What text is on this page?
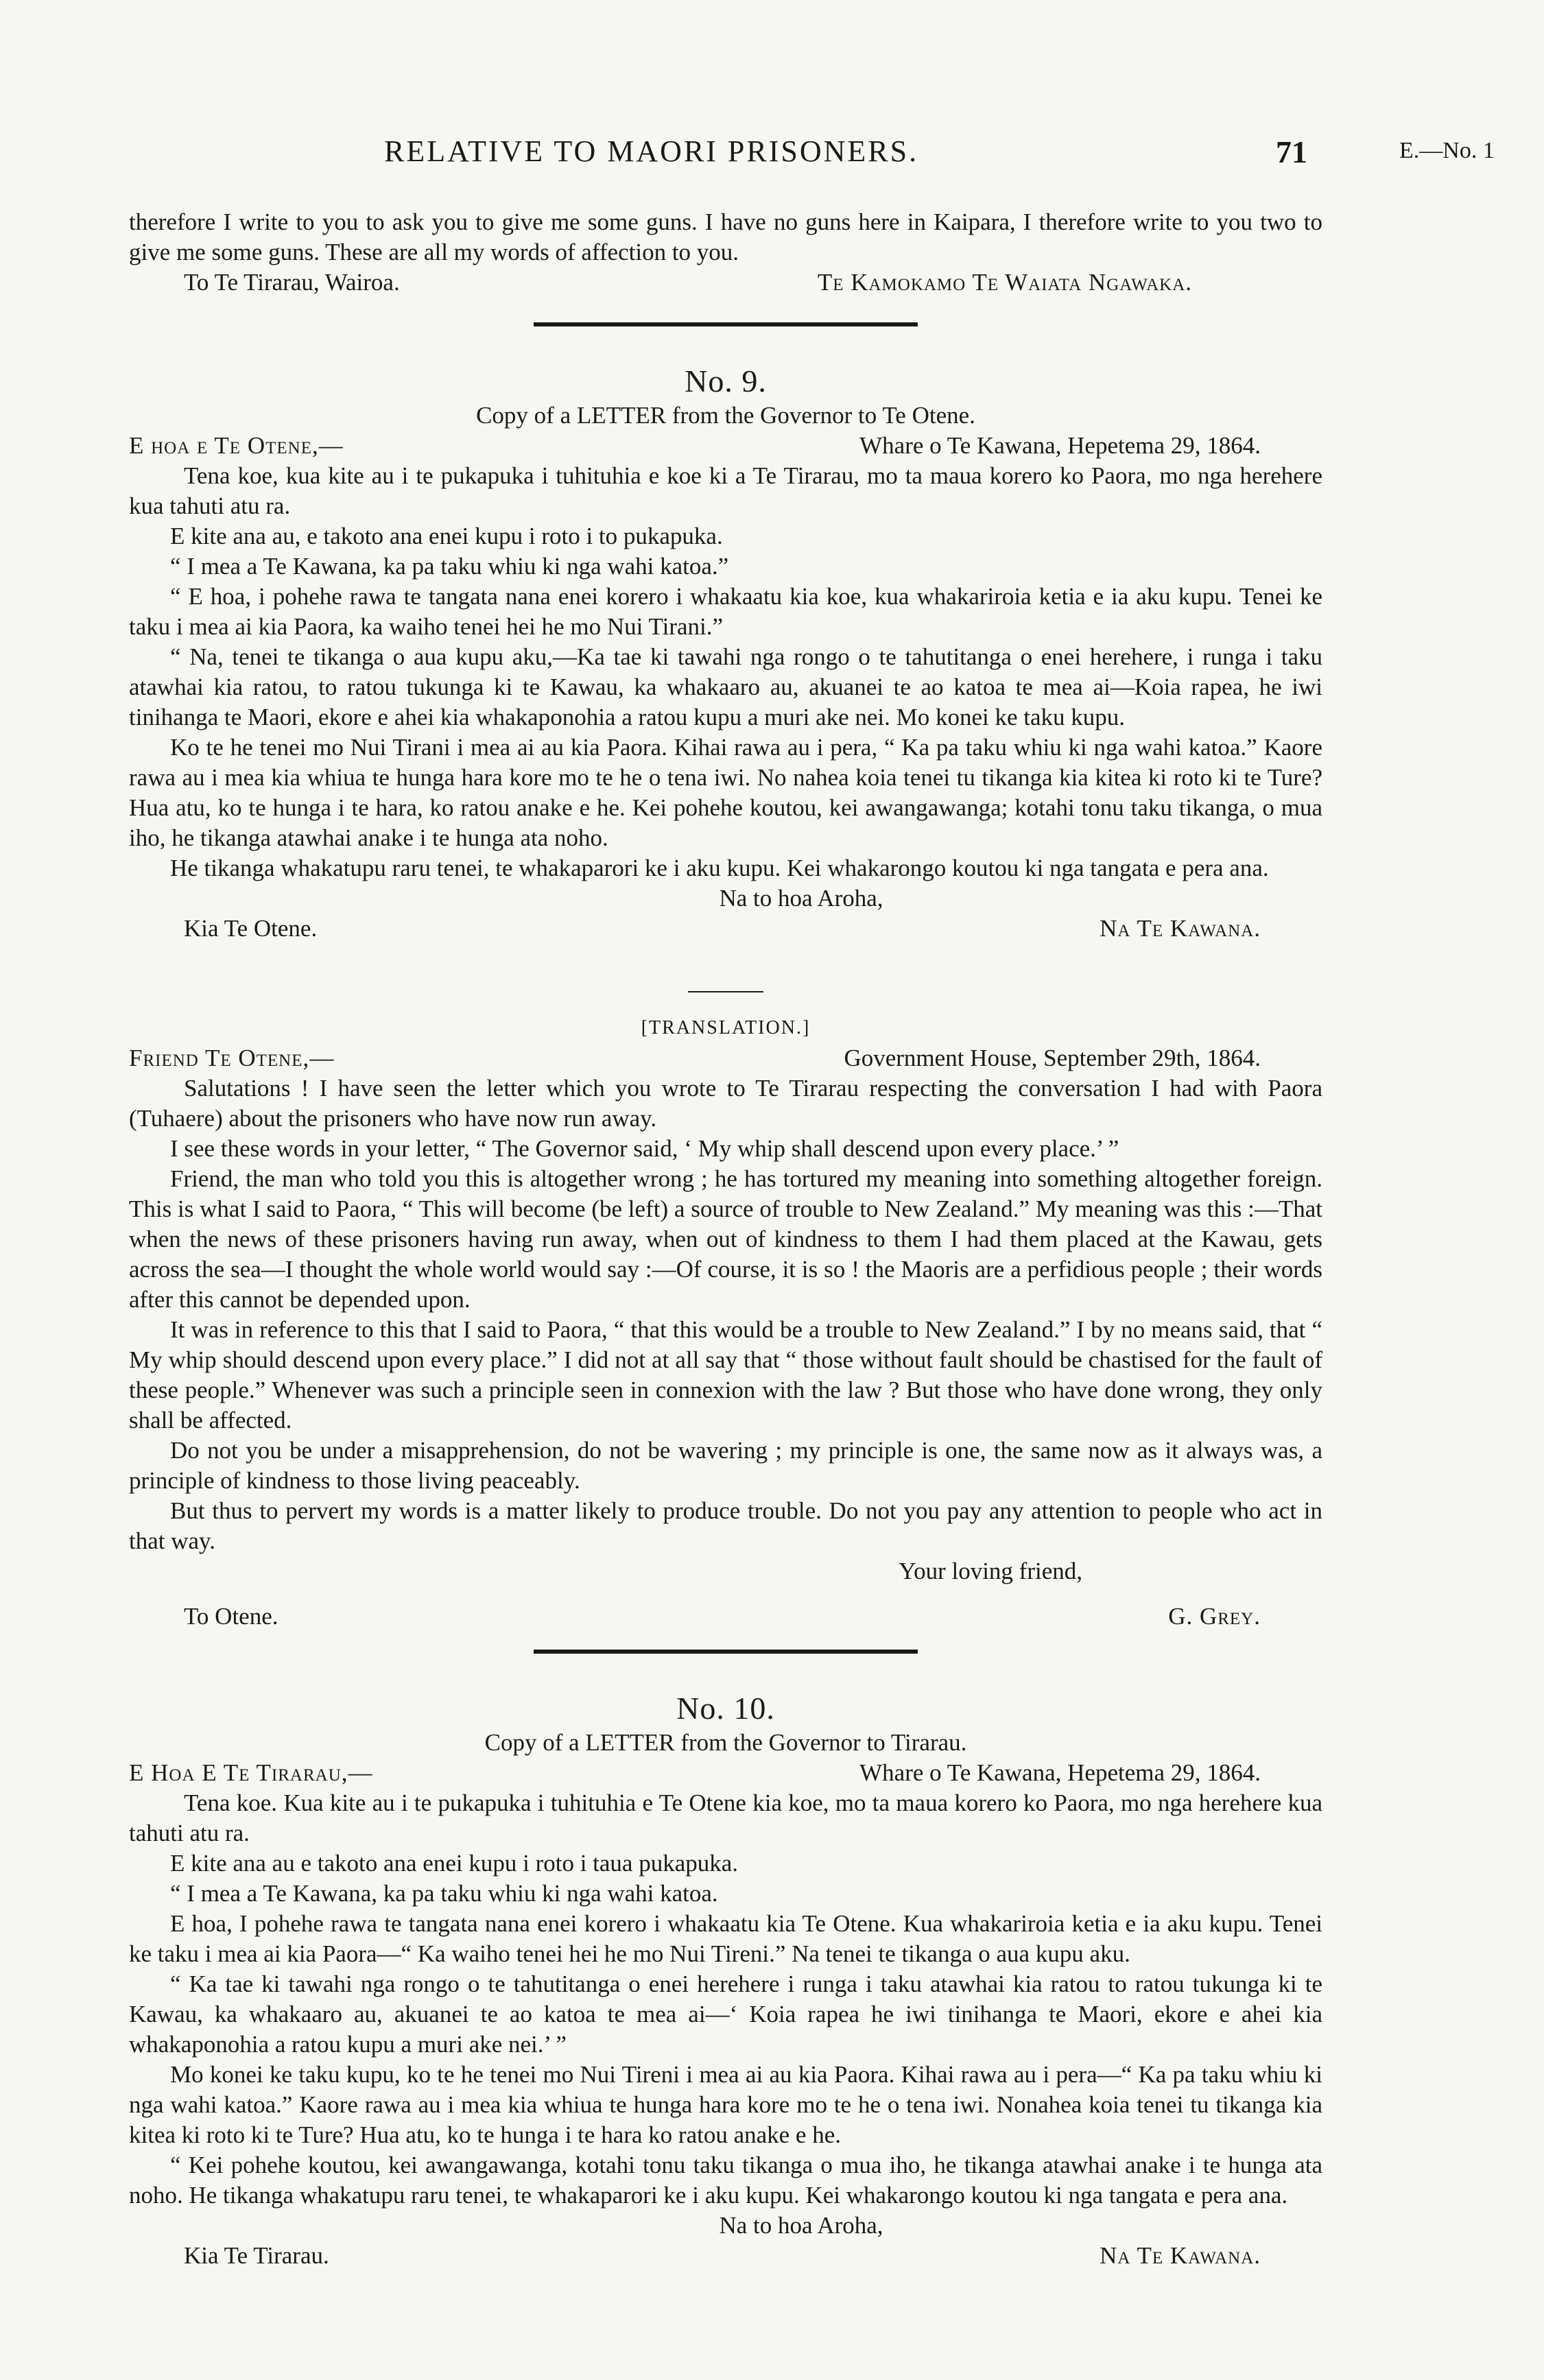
RELATIVE TO MAORI PRISONERS.	71	E.—No. 1

therefore I write to you to ask you to give me some guns. I have no guns here in Kaipara, I therefore write to you two to give me some guns. These are all my words of affection to you.

To Te Tirarau, Wairoa.	Te Kamokamo Te Waiata Ngawaka.
No. 9.
Copy of a LETTER from the Governor to Te Otene.
E hoa e Te Otene,—	Whare o Te Kawana, Hepetema 29, 1864.

Tena koe, kua kite au i te pukapuka i tuhituhia e koe ki a Te Tirarau, mo ta maua korero ko Paora, mo nga herehere kua tahuti atu ra.

E kite ana au, e takoto ana enei kupu i roto i to pukapuka.

“ I mea a Te Kawana, ka pa taku whiu ki nga wahi katoa.”

“ E hoa, i pohehe rawa te tangata nana enei korero i whakaatu kia koe, kua whakariroia ketia e ia aku kupu. Tenei ke taku i mea ai kia Paora, ka waiho tenei hei he mo Nui Tirani.”

“ Na, tenei te tikanga o aua kupu aku,—Ka tae ki tawahi nga rongo o te tahutitanga o enei herehere, i runga i taku atawhai kia ratou, to ratou tukunga ki te Kawau, ka whakaaro au, akuanei te ao katoa te mea ai—Koia rapea, he iwi tinihanga te Maori, ekore e ahei kia whakaponohia a ratou kupu a muri ake nei. Mo konei ke taku kupu.

Ko te he tenei mo Nui Tirani i mea ai au kia Paora. Kihai rawa au i pera, “ Ka pa taku whiu ki nga wahi katoa.” Kaore rawa au i mea kia whiua te hunga hara kore mo te he o tena iwi. No nahea koia tenei tu tikanga kia kitea ki roto ki te Ture? Hua atu, ko te hunga i te hara, ko ratou anake e he. Kei pohehe koutou, kei awangawanga; kotahi tonu taku tikanga, o mua iho, he tikanga atawhai anake i te hunga ata noho.

He tikanga whakatupu raru tenei, te whakaparori ke i aku kupu. Kei whakarongo koutou ki nga tangata e pera ana.

Na to hoa Aroha,
Kia Te Otene.	Na Te Kawana.
[TRANSLATION.]
Friend Te Otene,—	Government House, September 29th, 1864.

Salutations ! I have seen the letter which you wrote to Te Tirarau respecting the conversation I had with Paora (Tuhaere) about the prisoners who have now run away.

I see these words in your letter, “ The Governor said, ‘ My whip shall descend upon every place.’ ”

Friend, the man who told you this is altogether wrong ; he has tortured my meaning into something altogether foreign. This is what I said to Paora, “ This will become (be left) a source of trouble to New Zealand.” My meaning was this :—That when the news of these prisoners having run away, when out of kindness to them I had them placed at the Kawau, gets across the sea—I thought the whole world would say :—Of course, it is so ! the Maoris are a perfidious people ; their words after this cannot be depended upon.

It was in reference to this that I said to Paora, “ that this would be a trouble to New Zealand.” I by no means said, that “ My whip should descend upon every place.” I did not at all say that “ those without fault should be chastised for the fault of these people.” Whenever was such a principle seen in connexion with the law ? But those who have done wrong, they only shall be affected.

Do not you be under a misapprehension, do not be wavering ; my principle is one, the same now as it always was, a principle of kindness to those living peaceably.

But thus to pervert my words is a matter likely to produce trouble. Do not you pay any attention to people who act in that way.

Your loving friend,
To Otene.	G. Grey.
No. 10.
Copy of a LETTER from the Governor to Tirarau.
E Hoa E Te Tirarau,—	Whare o Te Kawana, Hepetema 29, 1864.

Tena koe. Kua kite au i te pukapuka i tuhituhia e Te Otene kia koe, mo ta maua korero ko Paora, mo nga herehere kua tahuti atu ra.

E kite ana au e takoto ana enei kupu i roto i taua pukapuka.

“ I mea a Te Kawana, ka pa taku whiu ki nga wahi katoa.

E hoa, I pohehe rawa te tangata nana enei korero i whakaatu kia Te Otene. Kua whakariroia ketia e ia aku kupu. Tenei ke taku i mea ai kia Paora—“ Ka waiho tenei hei he mo Nui Tireni.” Na tenei te tikanga o aua kupu aku.

“ Ka tae ki tawahi nga rongo o te tahutitanga o enei herehere i runga i taku atawhai kia ratou to ratou tukunga ki te Kawau, ka whakaaro au, akuanei te ao katoa te mea ai—‘ Koia rapea he iwi tinihanga te Maori, ekore e ahei kia whakaponohia a ratou kupu a muri ake nei.’ ”

Mo konei ke taku kupu, ko te he tenei mo Nui Tireni i mea ai au kia Paora. Kihai rawa au i pera—“ Ka pa taku whiu ki nga wahi katoa.” Kaore rawa au i mea kia whiua te hunga hara kore mo te he o tena iwi. Nonahea koia tenei tu tikanga kia kitea ki roto ki te Ture? Hua atu, ko te hunga i te hara ko ratou anake e he.

“ Kei pohehe koutou, kei awangawanga, kotahi tonu taku tikanga o mua iho, he tikanga atawhai anake i te hunga ata noho. He tikanga whakatupu raru tenei, te whakaparori ke i aku kupu. Kei whakarongo koutou ki nga tangata e pera ana.

Na to hoa Aroha,
Kia Te Tirarau.	Na Te Kawana.
